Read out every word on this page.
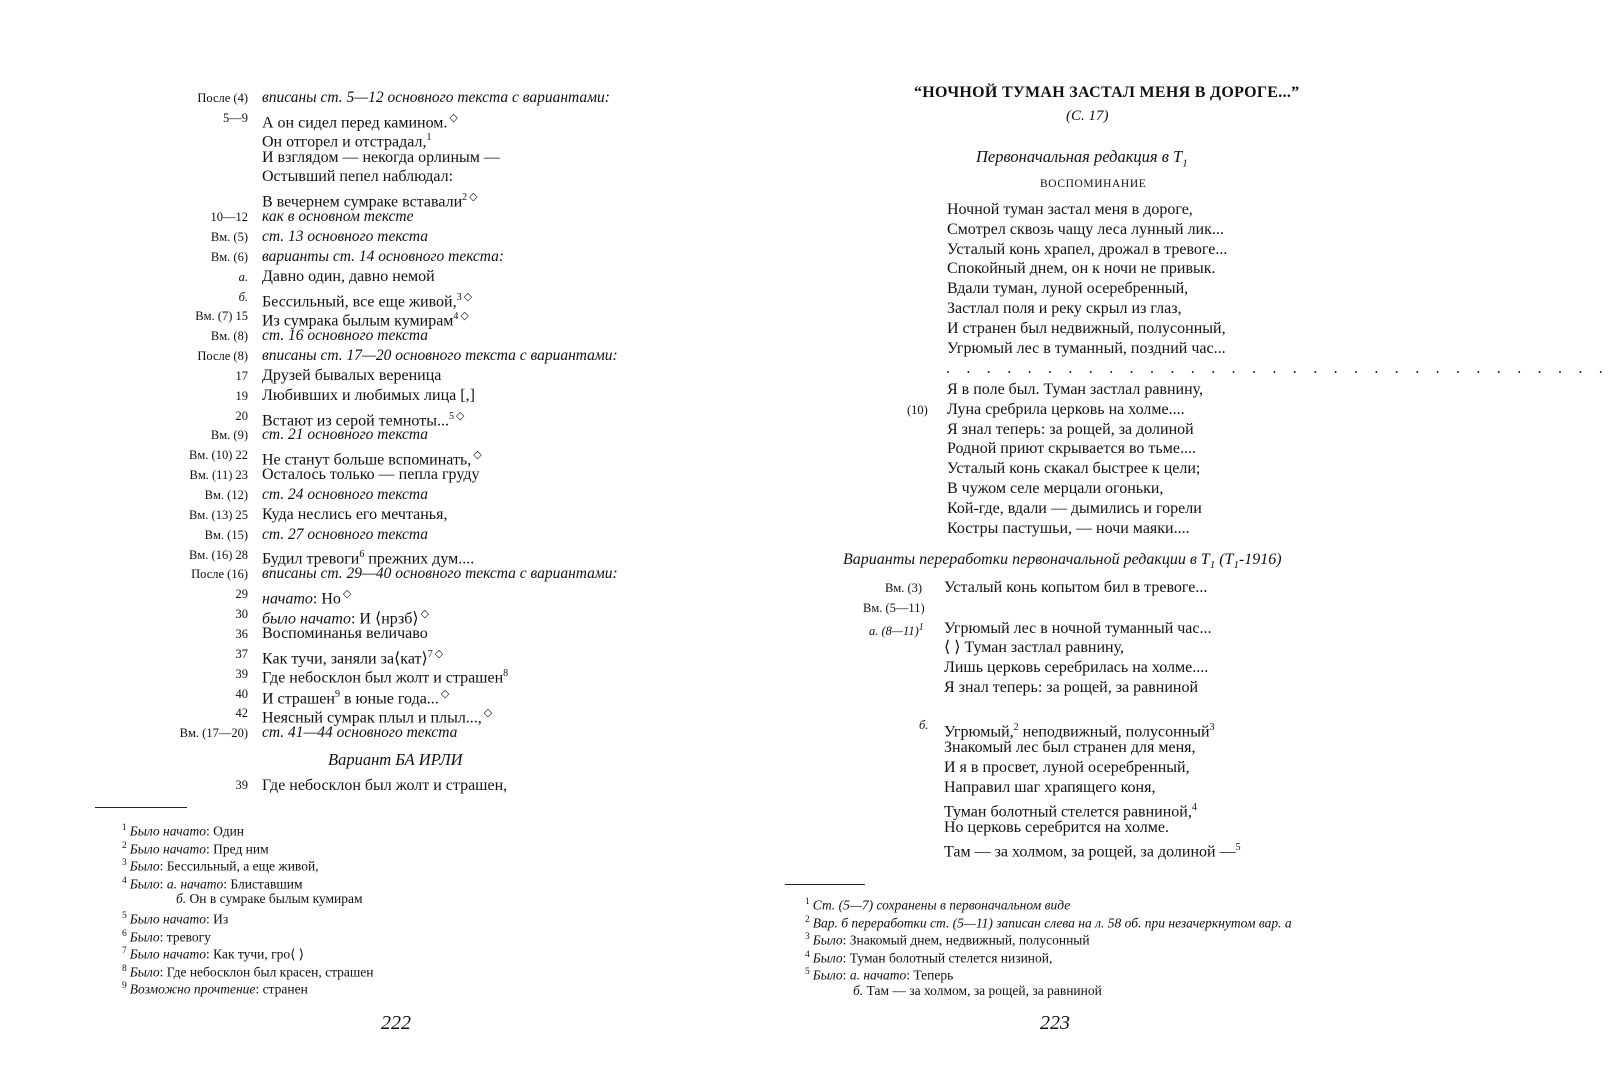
После (4)
5—9
10—12
Вм. (5)
Вм. (6)
а.
б.
Вм. (7) 15
Вм. (8)
После (8)
17
19
20
Вм. (9)
Вм. (10) 22
Вм. (11) 23
Вм. (12)
Вм. (13) 25
Вм. (15)
Вм. (16) 28
После (16)
29
30
36
37
39
40
42
Вм. (17—20)
вписаны ст. 5—12 основного текста с вариантами:
А он сидел перед камином. ◇
Он отгорел и отстрадал,$^1$
И взглядом — некогда орлиным —
Остывший пепел наблюдал:
В вечернем сумраке вставали$^2$ ◇
как в основном тексте
ст. 13 основного текста
варианты ст. 14 основного текста:
Давно один, давно немой
Бессильный, все еще живой,$^3$ ◇
Из сумрака былым кумирам$^4$ ◇
ст. 16 основного текста
вписаны ст. 17—20 основного текста с вариантами:
Друзей бывалых вереница
Любивших и любимых лица [,]
Встают из серой темноты...$^5$ ◇
ст. 21 основного текста
Не станут больше вспоминать, ◇
Осталось только — пепла груду
ст. 24 основного текста
Куда неслись его мечтанья,
ст. 27 основного текста
Будил тревоги$^6$ прежних дум....
вписаны ст. 29—40 основного текста с вариантами:
начато: Но ◇
было начато: И ⟨нрзб⟩ ◇
Воспоминанья величаво
Как тучи, заняли за⟨кат⟩$^7$ ◇
Где небосклон был жолт и страшен$^8$
И страшен$^9$ в юные года... ◇
Неясный сумрак плыл и плыл..., ◇
ст. 41—44 основного текста
Вариант БА ИРЛИ
39 Где небосклон был жолт и страшен,
$^1$ Было начато: Один
$^2$ Было начато: Пред ним
$^3$ Было: Бессильный, а еще живой,
$^4$ Было: а. начато: Блиставшим
б. Он в сумраке былым кумирам
$^5$ Было начато: Из
$^6$ Было: тревогу
$^7$ Было начато: Как тучи, гро⟨ ⟩
$^8$ Было: Где небосклон был красен, страшен
$^9$ Возможно прочтение: странен
222
“НОЧНОЙ ТУМАН ЗАСТАЛ МЕНЯ В ДОРОГЕ...”
(С. 17)
Первоначальная редакция в $T_1$
ВОСПОМИНАНИЕ
Ночной туман застал меня в дороге,
Смотрел сквозь чащу леса лунный лик...
Усталый конь храпел, дрожал в тревоге...
Спокойный днем, он к ночи не привык.
Вдали туман, луной осеребренный,
Застлал поля и реку скрыл из глаз,
И странен был недвижный, полусонный,
Угрюмый лес в туманный, поздний час...
. . . . . . . . . . . . . . . . . . . . . . . . . . . . . . . . .
(10)
Я в поле был. Туман застлал равнину,
Луна сребрила церковь на холме....
Я знал теперь: за рощей, за долиной
Родной приют скрывается во тьме....
Усталый конь скакал быстрее к цели;
В чужом селе мерцали огоньки,
Кой-где, вдали — дымились и горели
Костры пастушьи, — ночи маяки....
Варианты переработки первоначальной редакции в $T_1$ $(T_1-1916)$
Вм. (3) Усталый конь копытом бил в тревоге...
Вм. (5—11)
а. (8—11)$^1$ Угрюмый лес в ночной туманный час...
⟨ ⟩ Туман застлал равнину,
Лишь церковь серебрилась на холме....
Я знал теперь: за рощей, за равниной
б. Угрюмый,$^2$ неподвижный, полусонный$^3$
Знакомый лес был странен для меня,
И я в просвет, луной осеребренный,
Направил шаг храпящего коня,
Туман болотный стелется равниной,$^4$
Но церковь серебрится на холме.
Там — за холмом, за рощей, за долиной —$^5$
$^1$ Ст. (5—7) сохранены в первоначальном виде
$^2$ Вар. б переработки ст. (5—11) записан слева на л. 58 об. при незачеркнутом вар. а
$^3$ Было: Знакомый днем, недвижный, полусонный
$^4$ Было: Туман болотный стелется низиной,
$^5$ Было: а. начато: Теперь
б. Там — за холмом, за рощей, за равниной
223
